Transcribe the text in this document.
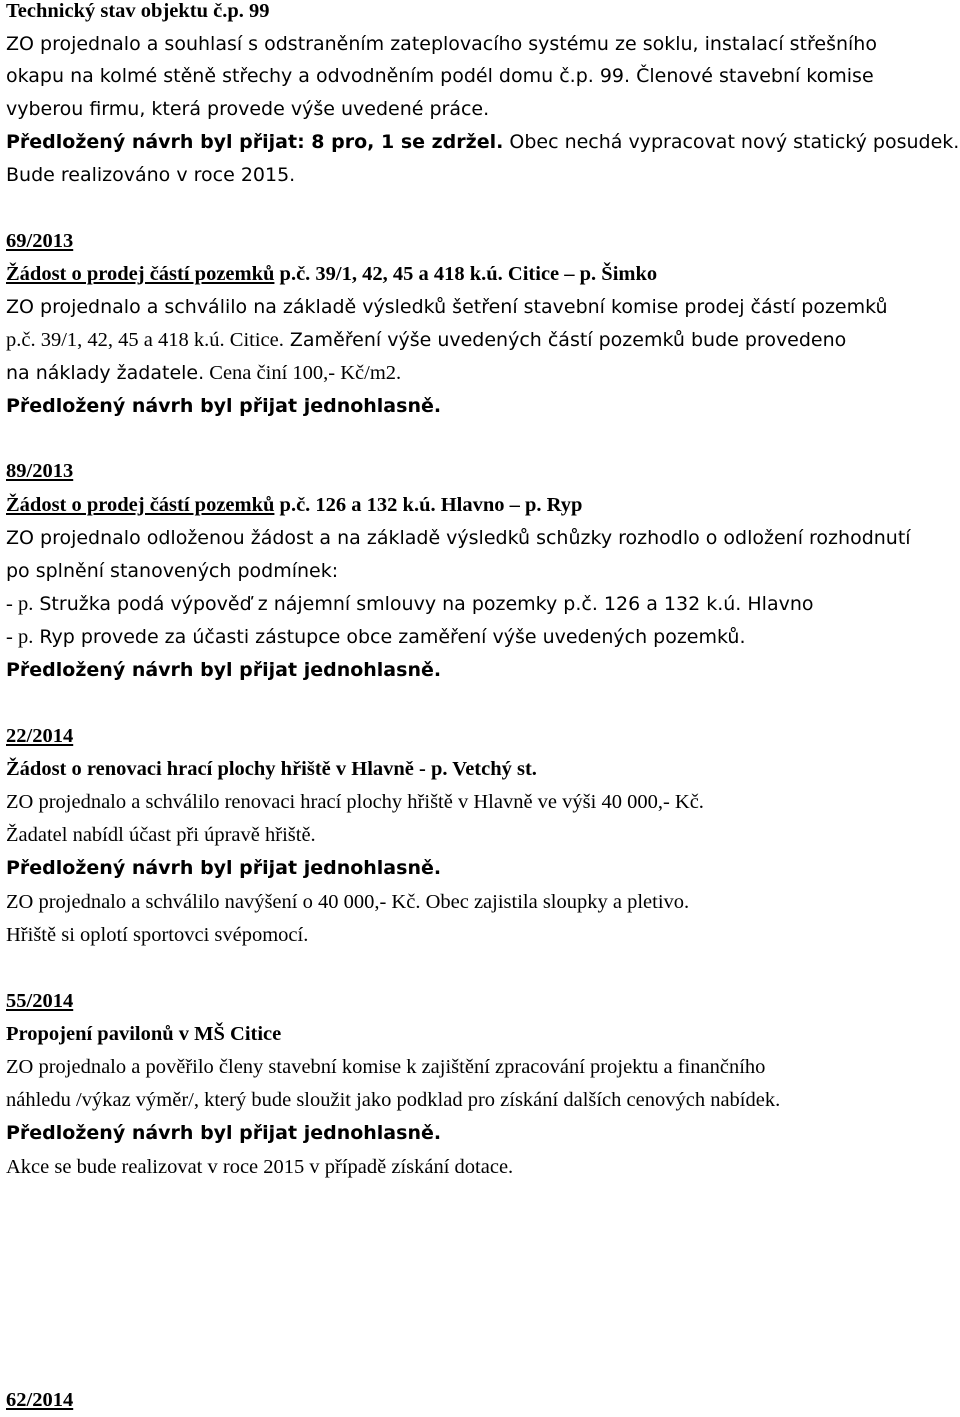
Technický stav objektu č.p. 99
ZO projednalo a souhlasí s odstraněním zateplovacího systému ze soklu, instalací střešního
okapu na kolmé stěně střechy a odvodněním podél domu č.p. 99. Členové stavební komise
vyberou firmu, která provede výše uvedené práce.
Předložený návrh byl přijat: 8 pro, 1 se zdržel. Obec nechá vypracovat nový statický posudek.
Bude realizováno v roce 2015.
69/2013
Žádost o prodej částí pozemků p.č. 39/1, 42, 45 a 418 k.ú. Citice – p. Šimko
ZO projednalo a schválilo na základě výsledků šetření stavební komise prodej částí pozemků
p.č. 39/1, 42, 45 a 418 k.ú. Citice. Zaměření výše uvedených částí pozemků bude provedeno
na náklady žadatele. Cena činí 100,- Kč/m2.
Předložený návrh byl přijat jednohlasně.
89/2013
Žádost o prodej částí pozemků p.č. 126 a 132 k.ú. Hlavno – p. Ryp
ZO projednalo odloženou žádost a na základě výsledků schůzky rozhodlo o odložení rozhodnutí
po splnění stanovených podmínek:
- p. Stružka podá výpověď z nájemní smlouvy na pozemky p.č. 126 a 132 k.ú. Hlavno
- p. Ryp provede za účasti zástupce obce zaměření výše uvedených pozemků.
Předložený návrh byl přijat jednohlasně.
22/2014
Žádost o renovaci hrací plochy hřiště v Hlavně - p. Vetchý st.
ZO projednalo a schválilo renovaci hrací plochy hřiště v Hlavně ve výši 40 000,- Kč.
Žadatel nabídl účast při úpravě hřiště.
Předložený návrh byl přijat jednohlasně.
ZO projednalo a schválilo navýšení o 40 000,- Kč. Obec zajistila sloupky a pletivo.
Hřiště si oplotí sportovci svépomocí.
55/2014
Propojení pavilonů v MŠ Citice
ZO projednalo a pověřilo členy stavební komise k zajištění zpracování projektu a finančního
náhledu /výkaz výměr/, který bude sloužit jako podklad pro získání dalších cenových nabídek.
Předložený návrh byl přijat jednohlasně.
Akce se bude realizovat v roce 2015 v případě získání dotace.
62/2014
